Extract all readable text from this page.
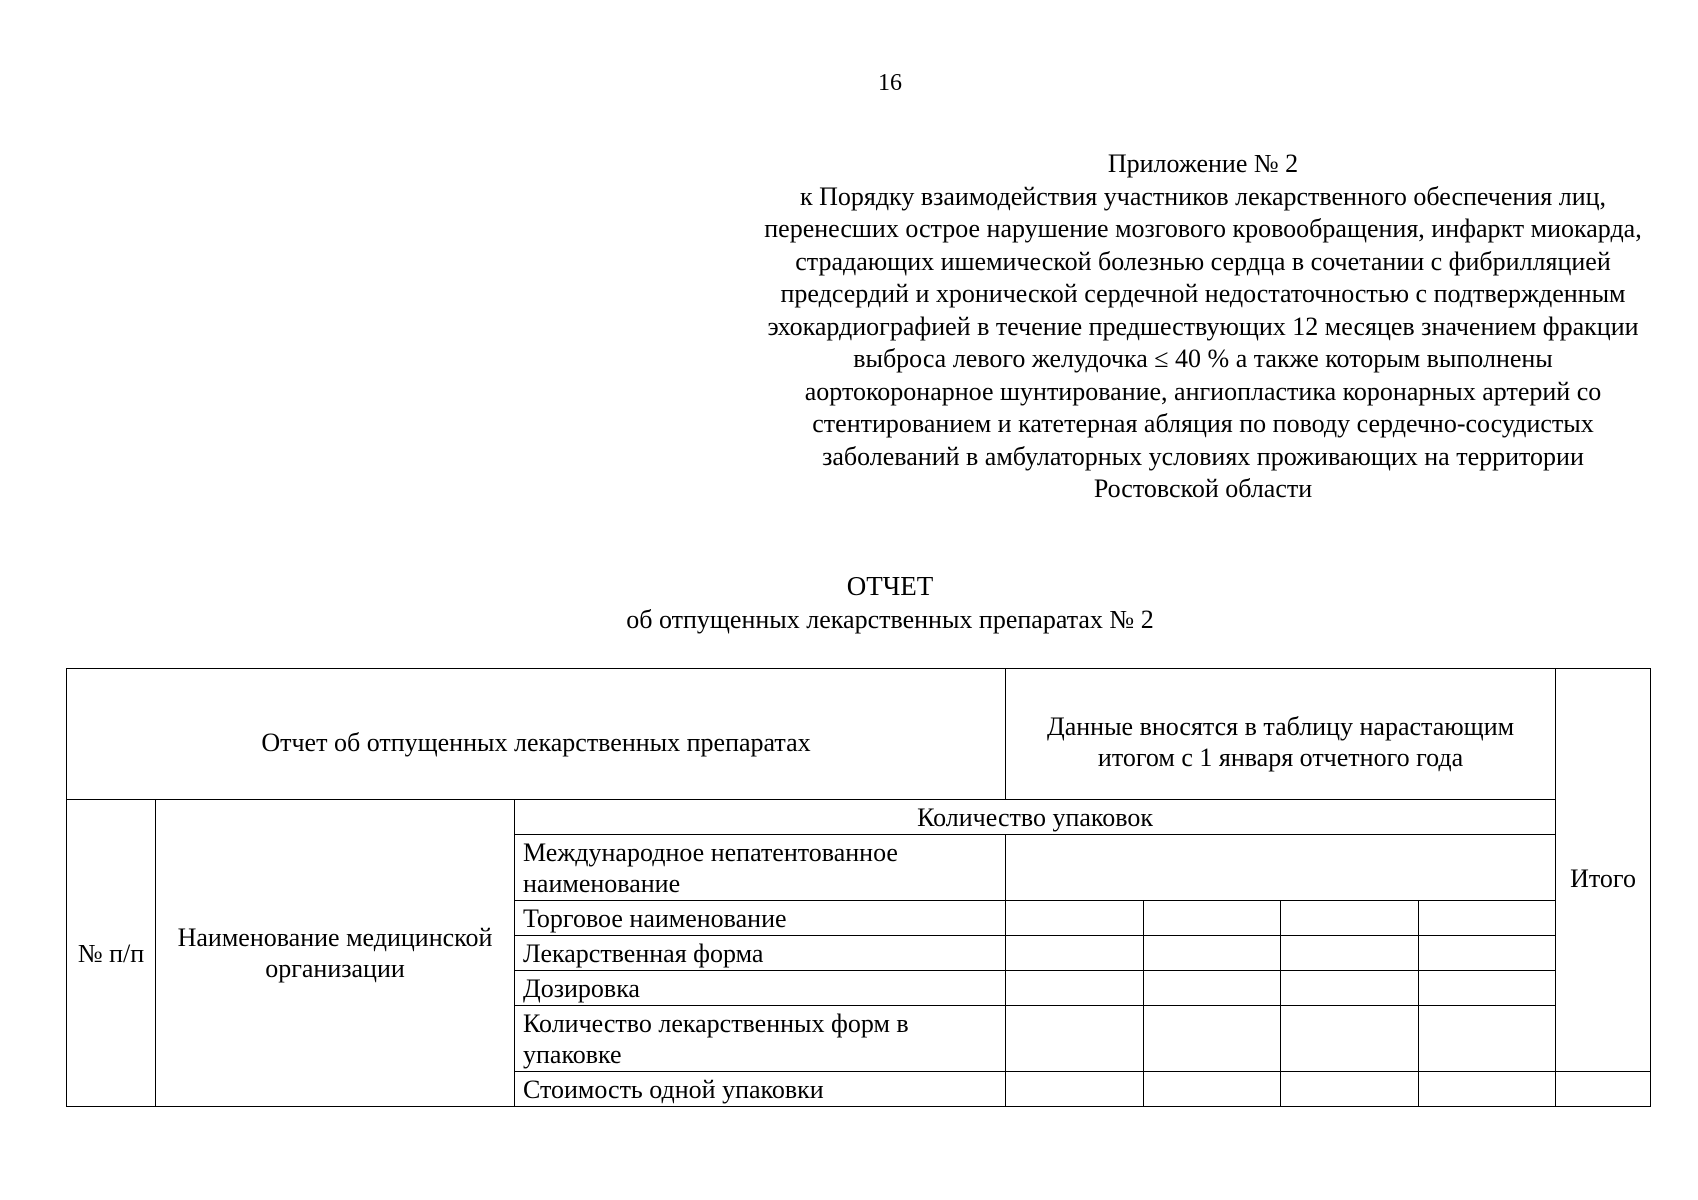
16
Приложение № 2
к Порядку взаимодействия участников лекарственного обеспечения лиц, перенесших острое нарушение мозгового кровообращения, инфаркт миокарда, страдающих ишемической болезнью сердца в сочетании с фибрилляцией предсердий и хронической сердечной недостаточностью с подтвержденным эхокардиографией в течение предшествующих 12 месяцев значением фракции выброса левого желудочка ≤ 40 % а также которым выполнены аортокоронарное шунтирование, ангиопластика коронарных артерий со стентированием и катетерная абляция по поводу сердечно-сосудистых заболеваний в амбулаторных условиях проживающих на территории Ростовской области
ОТЧЕТ
об отпущенных лекарственных препаратах № 2
Отчет об отпущенных лекарственных препаратах			Данные вносятся в таблицу нарастающим итогом с 1 января отчетного года				Итого
№ п/п	Наименование медицинской организации	Количество упаковок					
		Международное непатентованное наименование					
		Торговое наименование					
		Лекарственная форма					
		Дозировка					
		Количество лекарственных форм в упаковке					
		Стоимость одной упаковки					
